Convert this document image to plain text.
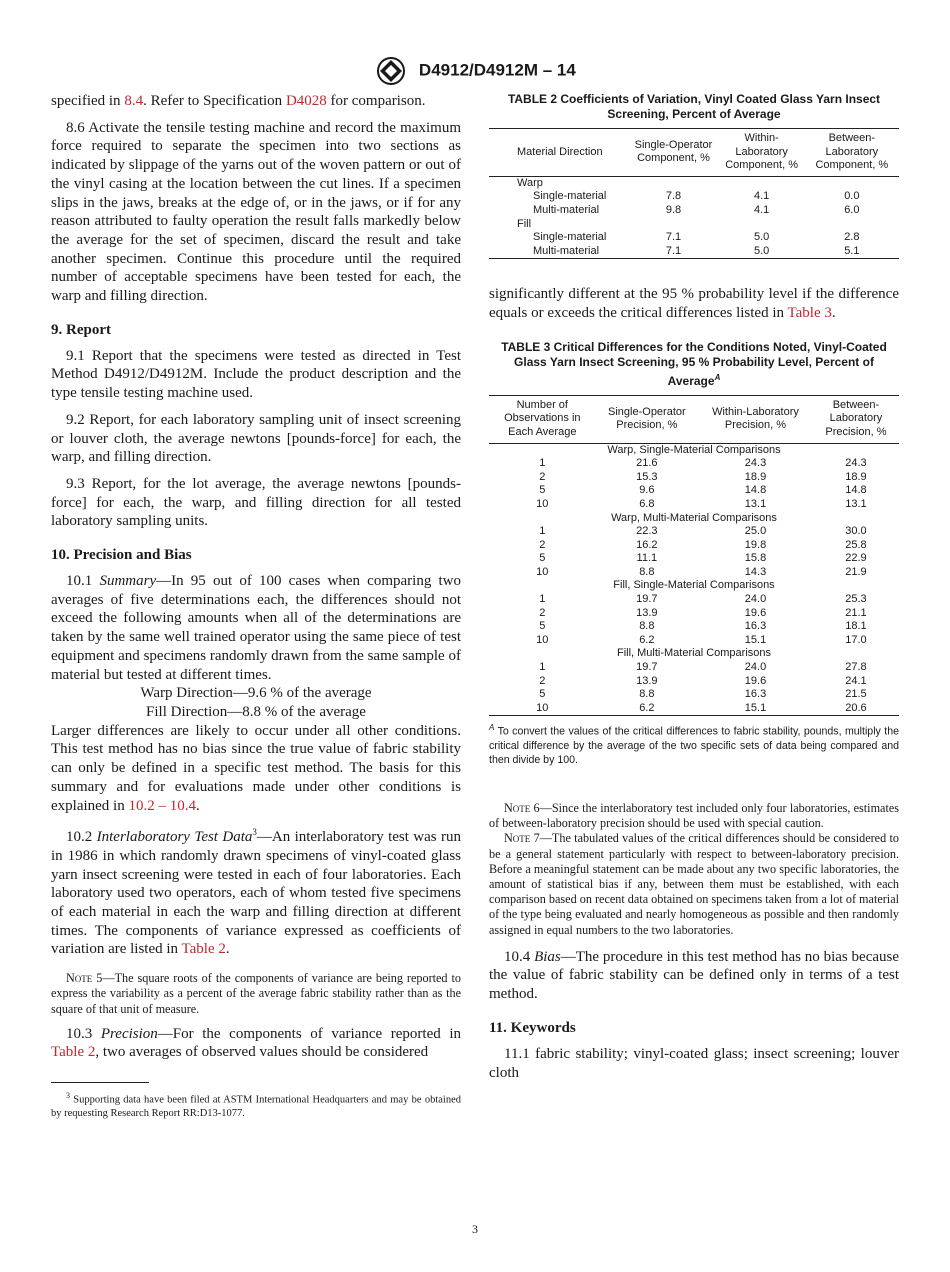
D4912/D4912M – 14

specified in 8.4. Refer to Specification D4028 for comparison.

8.6 Activate the tensile testing machine and record the maximum force required to separate the specimen into two sections as indicated by slippage of the yarns out of the woven pattern or out of the vinyl casing at the location between the cut lines. If a specimen slips in the jaws, breaks at the edge of, or in the jaws, or if for any reason attributed to faulty operation the result falls markedly below the average for the set of specimen, discard the result and take another specimen. Continue this procedure until the required number of acceptable specimens have been tested for each, the warp and filling direction.

9. Report

9.1 Report that the specimens were tested as directed in Test Method D4912/D4912M. Include the product description and the type tensile testing machine used.

9.2 Report, for each laboratory sampling unit of insect screening or louver cloth, the average newtons [pounds-force] for each, the warp, and filling direction.

9.3 Report, for the lot average, the average newtons [pounds-force] for each, the warp, and filling direction for all tested laboratory sampling units.

10. Precision and Bias

10.1 Summary—In 95 out of 100 cases when comparing two averages of five determinations each, the differences should not exceed the following amounts when all of the determinations are taken by the same well trained operator using the same piece of test equipment and specimens randomly drawn from the same sample of material but tested at different times.

Warp Direction—9.6 % of the average

Fill Direction—8.8 % of the average

Larger differences are likely to occur under all other conditions. This test method has no bias since the true value of fabric stability can only be defined in a specific test method. The basis for this summary and for evaluations made under other conditions is explained in 10.2 – 10.4.

10.2 Interlaboratory Test Data$^3$—An interlaboratory test was run in 1986 in which randomly drawn specimens of vinyl-coated glass yarn insect screening were tested in each of four laboratories. Each laboratory used two operators, each of whom tested five specimens of each material in each the warp and filling direction at different times. The components of variance expressed as coefficients of variation are listed in Table 2.

Note 5—The square roots of the components of variance are being reported to express the variability as a percent of the average fabric stability rather than as the square of that unit of measure.

10.3 Precision—For the components of variance reported in Table 2, two averages of observed values should be considered

$^3$ Supporting data have been filed at ASTM International Headquarters and may be obtained by requesting Research Report RR:D13-1077.

TABLE 2 Coefficients of Variation, Vinyl Coated Glass Yarn Insect Screening, Percent of Average
Material Direction	Single-Operator Component, %	Within-Laboratory Component, %	Between-Laboratory Component, %
Warp			
Single-material	7.8	4.1	0.0
Multi-material	9.8	4.1	6.0
Fill			
Single-material	7.1	5.0	2.8
Multi-material	7.1	5.0	5.1

significantly different at the 95 % probability level if the difference equals or exceeds the critical differences listed in Table 3.

TABLE 3 Critical Differences for the Conditions Noted, Vinyl-Coated Glass Yarn Insect Screening, 95 % Probability Level, Percent of Average$^A$
Number of Observations in Each Average	Single-Operator Precision, %	Within-Laboratory Precision, %	Between-Laboratory Precision, %
Warp, Single-Material Comparisons			
1	21.6	24.3	24.3
2	15.3	18.9	18.9
5	9.6	14.8	14.8
10	6.8	13.1	13.1
Warp, Multi-Material Comparisons			
1	22.3	25.0	30.0
2	16.2	19.8	25.8
5	11.1	15.8	22.9
10	8.8	14.3	21.9
Fill, Single-Material Comparisons			
1	19.7	24.0	25.3
2	13.9	19.6	21.1
5	8.8	16.3	18.1
10	6.2	15.1	17.0
Fill, Multi-Material Comparisons			
1	19.7	24.0	27.8
2	13.9	19.6	24.1
5	8.8	16.3	21.5
10	6.2	15.1	20.6
$^A$ To convert the values of the critical differences to fabric stability, pounds, multiply the critical difference by the average of the two specific sets of data being compared and then divide by 100.

Note 6—Since the interlaboratory test included only four laboratories, estimates of between-laboratory precision should be used with special caution.

Note 7—The tabulated values of the critical differences should be considered to be a general statement particularly with respect to between-laboratory precision. Before a meaningful statement can be made about any two specific laboratories, the amount of statistical bias if any, between them must be established, with each comparison based on recent data obtained on specimens taken from a lot of material of the type being evaluated and nearly homogeneous as possible and then randomly assigned in equal numbers to the two laboratories.

10.4 Bias—The procedure in this test method has no bias because the value of fabric stability can be defined only in terms of a test method.

11. Keywords

11.1 fabric stability; vinyl-coated glass; insect screening; louver cloth

3
